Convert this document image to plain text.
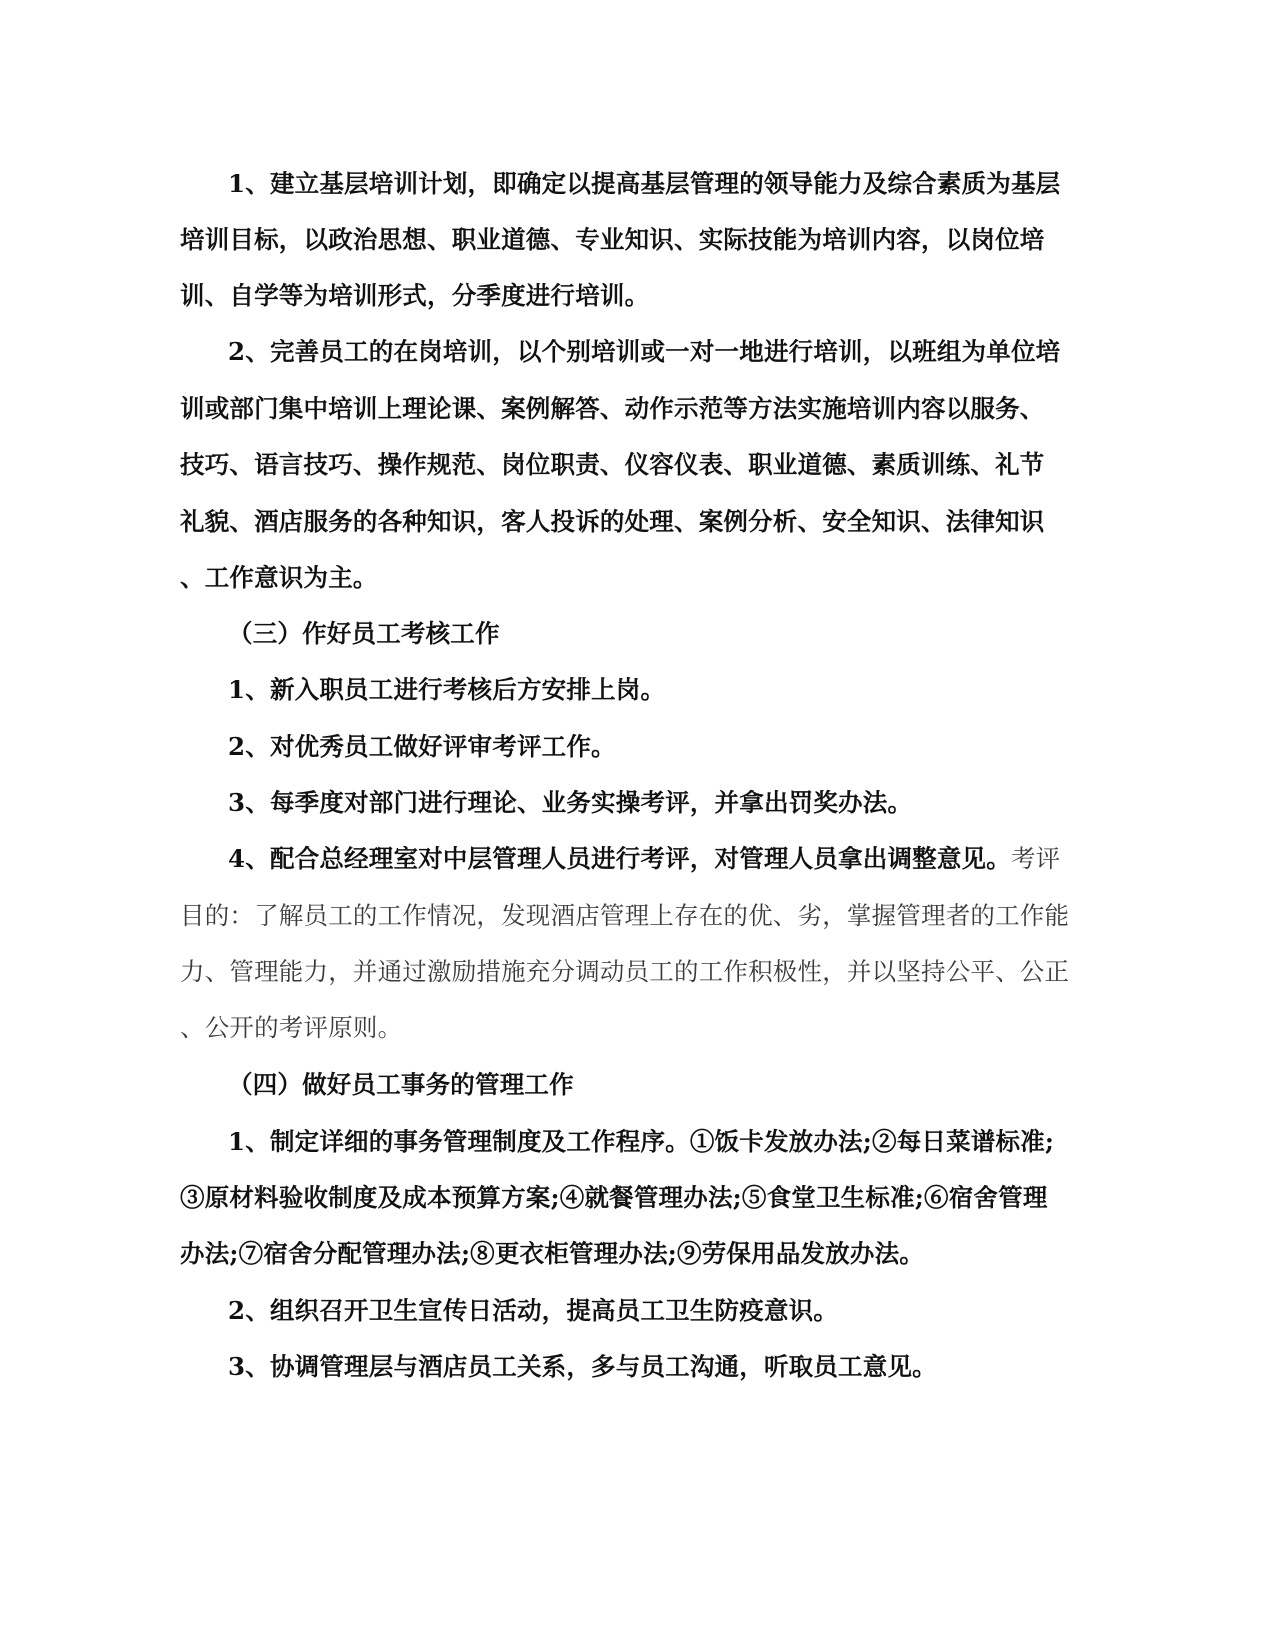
1、建立基层培训计划，即确定以提高基层管理的领导能力及综合素质为基层
培训目标，以政治思想、职业道德、专业知识、实际技能为培训内容，以岗位培
训、自学等为培训形式，分季度进行培训。
2、完善员工的在岗培训，以个别培训或一对一地进行培训，以班组为单位培
训或部门集中培训上理论课、案例解答、动作示范等方法实施培训内容以服务、
技巧、语言技巧、操作规范、岗位职责、仪容仪表、职业道德、素质训练、礼节
礼貌、酒店服务的各种知识，客人投诉的处理、案例分析、安全知识、法律知识
、工作意识为主。
（三）作好员工考核工作
1、新入职员工进行考核后方安排上岗。
2、对优秀员工做好评审考评工作。
3、每季度对部门进行理论、业务实操考评，并拿出罚奖办法。
4、配合总经理室对中层管理人员进行考评，对管理人员拿出调整意见。考评
目的：了解员工的工作情况，发现酒店管理上存在的优、劣，掌握管理者的工作能
力、管理能力，并通过激励措施充分调动员工的工作积极性，并以坚持公平、公正
、公开的考评原则。
（四）做好员工事务的管理工作
1、制定详细的事务管理制度及工作程序。①饭卡发放办法;②每日菜谱标准;
③原材料验收制度及成本预算方案;④就餐管理办法;⑤食堂卫生标准;⑥宿舍管理
办法;⑦宿舍分配管理办法;⑧更衣柜管理办法;⑨劳保用品发放办法。
2、组织召开卫生宣传日活动，提高员工卫生防疫意识。
3、协调管理层与酒店员工关系，多与员工沟通，听取员工意见。
